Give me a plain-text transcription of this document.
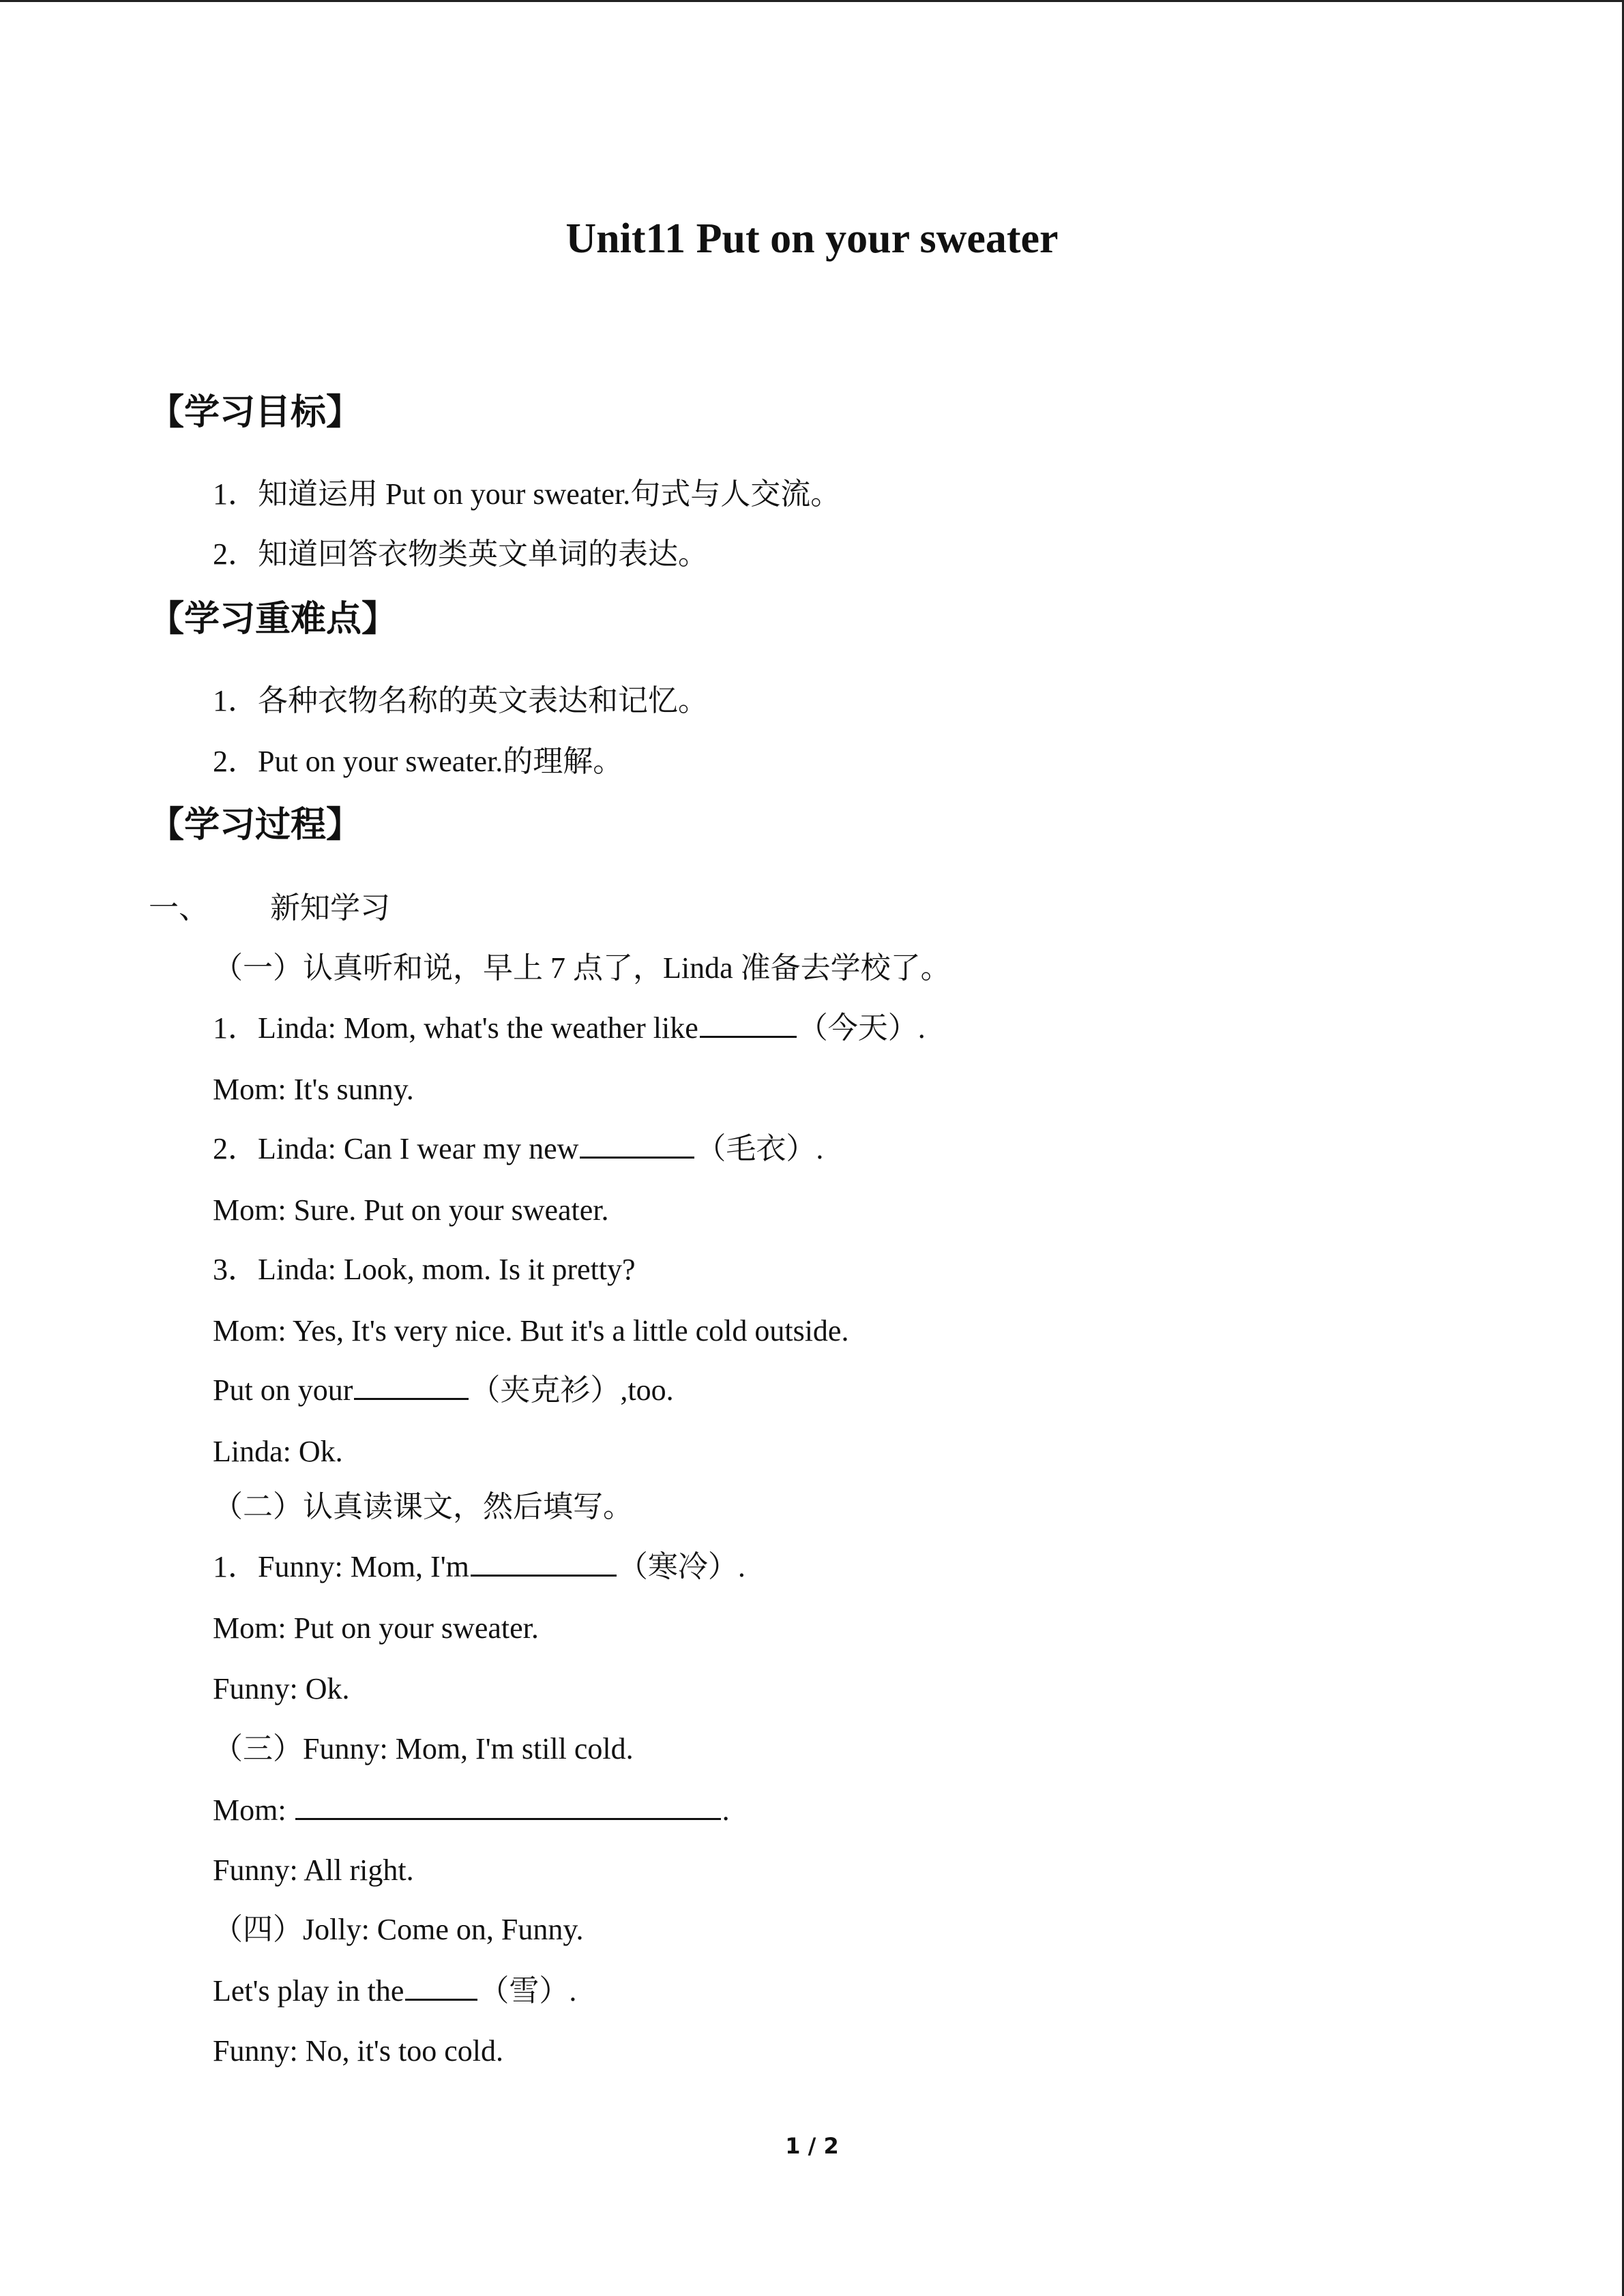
Unit11 Put on your sweater
【学习目标】
1．知道运用 Put on your sweater.句式与人交流。
2．知道回答衣物类英文单词的表达。
【学习重难点】
1．各种衣物名称的英文表达和记忆。
2．Put on your sweater.的理解。
【学习过程】
一、 新知学习
（一）认真听和说，早上 7 点了，Linda 准备去学校了。
1．Linda: Mom, what's the weather like	（今天）.
Mom: It's sunny.
2．Linda: Can I wear my new	（毛衣）.
Mom: Sure. Put on your sweater.
3．Linda: Look, mom. Is it pretty?
Mom: Yes, It's very nice. But it's a little cold outside.
Put on your	（夹克衫）,too.
Linda: Ok.
（二）认真读课文，然后填写。
1．Funny: Mom, I'm	（寒冷）.
Mom: Put on your sweater.
Funny: Ok.
（三）Funny: Mom, I'm still cold.
Mom:	.
Funny: All right.
（四）Jolly: Come on, Funny.
Let's play in the	（雪）.
Funny: No, it's too cold.
1 / 2
